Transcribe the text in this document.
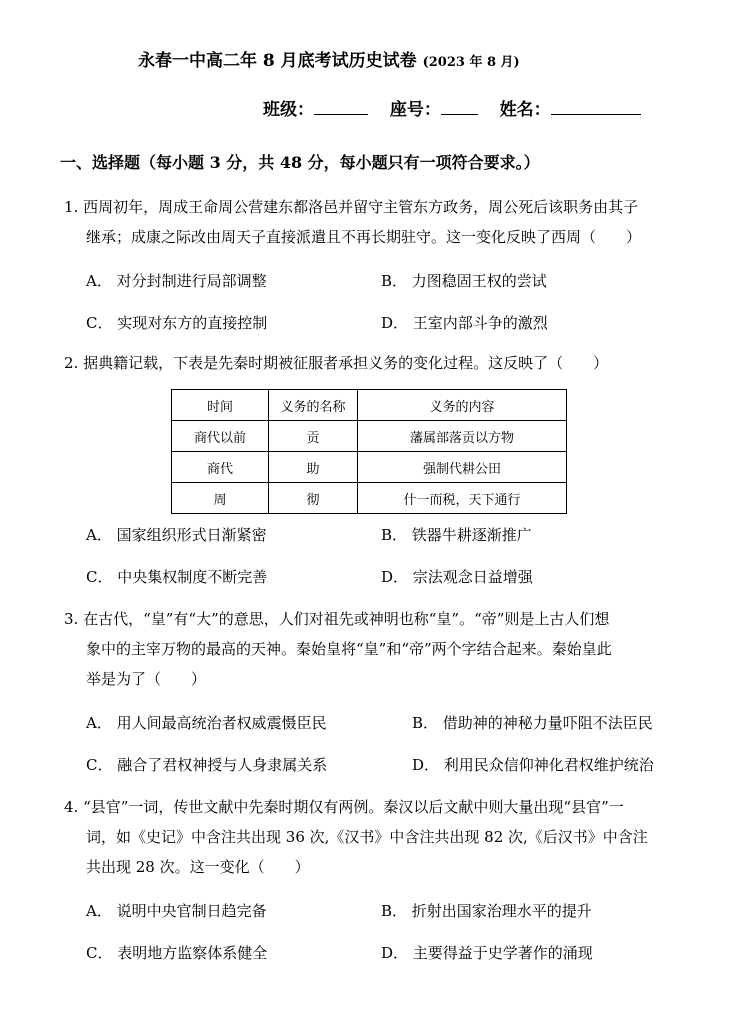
永春一中高二年 8 月底考试历史试卷 (2023 年 8 月)
班级：	座号：	姓名：
一、选择题（每小题 3 分，共 48 分，每小题只有一项符合要求。）
1. 西周初年，周成王命周公营建东都洛邑并留守主管东方政务，周公死后该职务由其子
继承；成康之际改由周天子直接派遣且不再长期驻守。这一变化反映了西周（　　）
A． 对分封制进行局部调整	B． 力图稳固王权的尝试
C． 实现对东方的直接控制	D． 王室内部斗争的激烈
2. 据典籍记载，下表是先秦时期被征服者承担义务的变化过程。这反映了（　　）
时间	义务的名称	义务的内容
商代以前	贡	藩属部落贡以方物
商代	助	强制代耕公田
周	彻	什一而税，天下通行
A． 国家组织形式日渐紧密	B． 铁器牛耕逐渐推广
C． 中央集权制度不断完善	D． 宗法观念日益增强
3. 在古代，“皇”有“大”的意思，人们对祖先或神明也称“皇”。“帝”则是上古人们想
象中的主宰万物的最高的天神。秦始皇将“皇”和“帝”两个字结合起来。秦始皇此
举是为了（　　）
A． 用人间最高统治者权威震慑臣民	B． 借助神的神秘力量吓阻不法臣民
C． 融合了君权神授与人身隶属关系	D． 利用民众信仰神化君权维护统治
4. “县官”一词，传世文献中先秦时期仅有两例。秦汉以后文献中则大量出现“县官”一
词，如《史记》中含注共出现 36 次,《汉书》中含注共出现 82 次,《后汉书》中含注
共出现 28 次。这一变化（　　）
A． 说明中央官制日趋完备	B． 折射出国家治理水平的提升
C． 表明地方监察体系健全	D． 主要得益于史学著作的涌现
